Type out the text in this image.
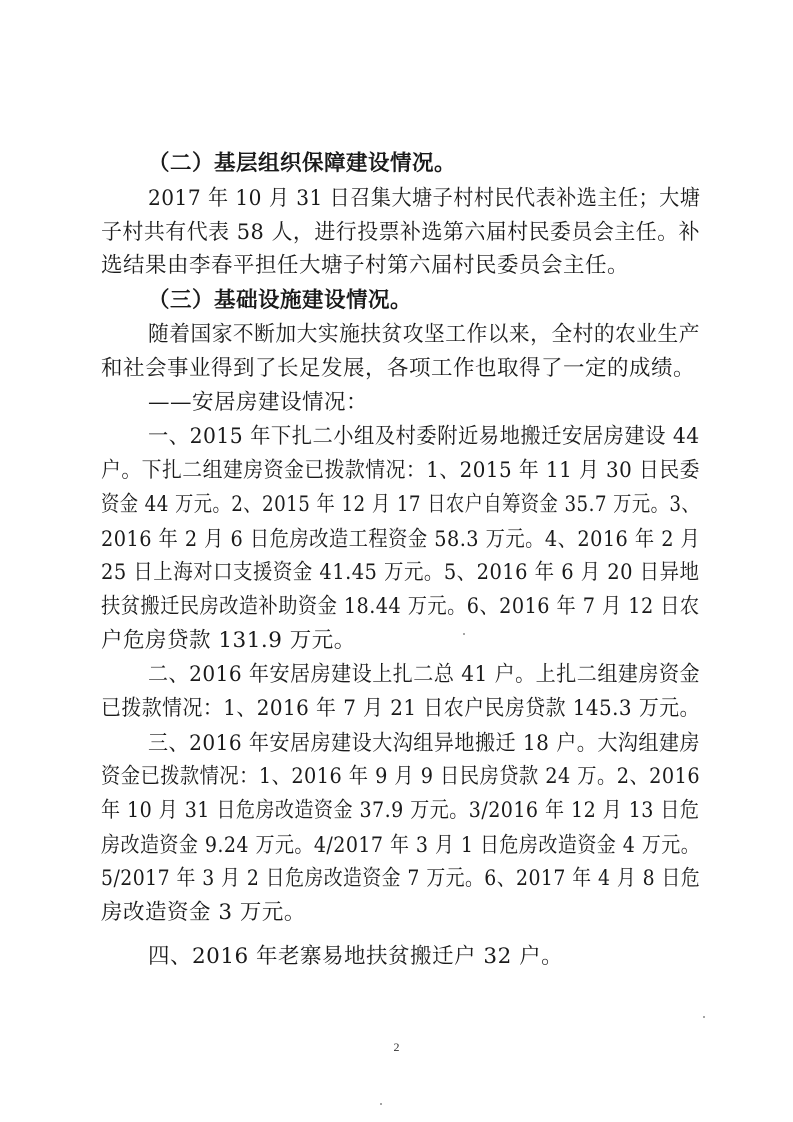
（二）基层组织保障建设情况。
2017 年 10 月 31 日召集大塘子村村民代表补选主任；大塘
子村共有代表 58 人，进行投票补选第六届村民委员会主任。补
选结果由李春平担任大塘子村第六届村民委员会主任。
（三）基础设施建设情况。
随着国家不断加大实施扶贫攻坚工作以来，全村的农业生产
和社会事业得到了长足发展，各项工作也取得了一定的成绩。
——安居房建设情况：
一、2015 年下扎二小组及村委附近易地搬迁安居房建设 44
户。下扎二组建房资金已拨款情况：1、2015 年 11 月 30 日民委
资金 44 万元。2、2015 年 12 月 17 日农户自筹资金 35.7 万元。3、
2016 年 2 月 6 日危房改造工程资金 58.3 万元。4、2016 年 2 月
25 日上海对口支援资金 41.45 万元。5、2016 年 6 月 20 日异地
扶贫搬迁民房改造补助资金 18.44 万元。6、2016 年 7 月 12 日农
户危房贷款 131.9 万元。
二、2016 年安居房建设上扎二总 41 户。上扎二组建房资金
已拨款情况：1、2016 年 7 月 21 日农户民房贷款 145.3 万元。
三、2016 年安居房建设大沟组异地搬迁 18 户。大沟组建房
资金已拨款情况：1、2016 年 9 月 9 日民房贷款 24 万。2、2016
年 10 月 31 日危房改造资金 37.9 万元。3/2016 年 12 月 13 日危
房改造资金 9.24 万元。4/2017 年 3 月 1 日危房改造资金 4 万元。
5/2017 年 3 月 2 日危房改造资金 7 万元。6、2017 年 4 月 8 日危
房改造资金 3 万元。
四、2016 年老寨易地扶贫搬迁户 32 户。
2
